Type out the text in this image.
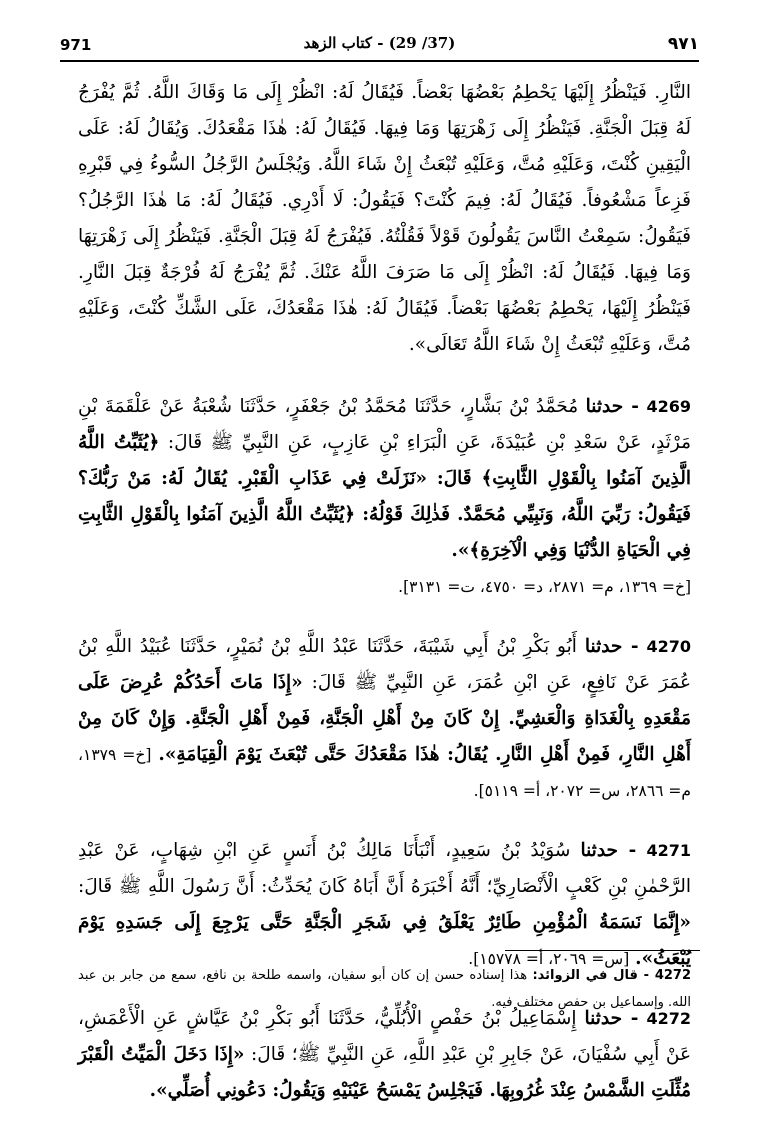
971	(37/ 29) - كتاب الزهد	٩٧١

النَّارِ. فَيَنْظُرُ إِلَيْهَا يَحْطِمُ بَعْضُهَا بَعْضاً. فَيُقَالُ لَهُ: انْظُرْ إِلَى مَا وَقَاكَ اللَّهُ. ثُمَّ يُفْرَجُ لَهُ قِبَلَ الْجَنَّةِ. فَيَنْظُرُ إِلَى زَهْرَتِهَا وَمَا فِيهَا. فَيُقَالُ لَهُ: هٰذَا مَقْعَدُكَ. وَيُقَالُ لَهُ: عَلَى الْيَقِينِ كُنْتَ، وَعَلَيْهِ مُتَّ، وَعَلَيْهِ تُبْعَثُ إِنْ شَاءَ اللَّهُ. وَيُجْلَسُ الرَّجُلُ السُّوءُ فِي قَبْرِهِ فَزِعاً مَشْعُوفاً. فَيُقَالُ لَهُ: فِيمَ كُنْتَ؟ فَيَقُولُ: لَا أَدْرِي. فَيُقَالُ لَهُ: مَا هٰذَا الرَّجُلُ؟ فَيَقُولُ: سَمِعْتُ النَّاسَ يَقُولُونَ قَوْلاً فَقُلْتُهُ. فَيُفْرَجُ لَهُ قِبَلَ الْجَنَّةِ. فَيَنْظُرُ إِلَى زَهْرَتِهَا وَمَا فِيهَا. فَيُقَالُ لَهُ: انْظُرْ إِلَى مَا صَرَفَ اللَّهُ عَنْكَ. ثُمَّ يُفْرَجُ لَهُ فُرْجَةٌ قِبَلَ النَّارِ. فَيَنْظُرُ إِلَيْهَا، يَحْطِمُ بَعْضُهَا بَعْضاً. فَيُقَالُ لَهُ: هٰذَا مَقْعَدُكَ، عَلَى الشَّكِّ كُنْتَ، وَعَلَيْهِ مُتَّ، وَعَلَيْهِ تُبْعَثُ إِنْ شَاءَ اللَّهُ تَعَالَى».

4269 - حدثنا مُحَمَّدُ بْنُ بَشَّارٍ، حَدَّثَنَا مُحَمَّدُ بْنُ جَعْفَرٍ، حَدَّثَنَا شُعْبَةُ عَنْ عَلْقَمَةَ بْنِ مَرْثَدٍ، عَنْ سَعْدِ بْنِ عُبَيْدَةَ، عَنِ الْبَرَاءِ بْنِ عَازِبٍ، عَنِ النَّبِيِّ ﷺ قَالَ: ﴿يُثَبِّتُ اللَّهُ الَّذِينَ آمَنُوا بِالْقَوْلِ الثَّابِتِ﴾ قَالَ: «نَزَلَتْ فِي عَذَابِ الْقَبْرِ. يُقَالُ لَهُ: مَنْ رَبُّكَ؟ فَيَقُولُ: رَبِّيَ اللَّهُ، وَنَبِيِّي مُحَمَّدٌ. فَذٰلِكَ قَوْلُهُ: ﴿يُثَبِّتُ اللَّهُ الَّذِينَ آمَنُوا بِالْقَوْلِ الثَّابِتِ فِي الْحَيَاةِ الدُّنْيَا وَفِي الْآخِرَةِ﴾».
[خ= ١٣٦٩، م= ٢٨٧١، د= ٤٧٥٠، ت= ٣١٣١].

4270 - حدثنا أَبُو بَكْرِ بْنُ أَبِي شَيْبَةَ، حَدَّثَنَا عَبْدُ اللَّهِ بْنُ نُمَيْرٍ، حَدَّثَنَا عُبَيْدُ اللَّهِ بْنُ عُمَرَ عَنْ نَافِعٍ، عَنِ ابْنِ عُمَرَ، عَنِ النَّبِيِّ ﷺ قَالَ: «إِذَا مَاتَ أَحَدُكُمْ عُرِضَ عَلَى مَقْعَدِهِ بِالْغَدَاةِ وَالْعَشِيِّ. إِنْ كَانَ مِنْ أَهْلِ الْجَنَّةِ، فَمِنْ أَهْلِ الْجَنَّةِ. وَإِنْ كَانَ مِنْ أَهْلِ النَّارِ، فَمِنْ أَهْلِ النَّارِ. يُقَالُ: هٰذَا مَقْعَدُكَ حَتَّى تُبْعَثَ يَوْمَ الْقِيَامَةِ». [خ= ١٣٧٩، م= ٢٨٦٦، س= ٢٠٧٢، أ= ٥١١٩].

4271 - حدثنا سُوَيْدُ بْنُ سَعِيدٍ، أَنْبَأَنَا مَالِكُ بْنُ أَنَسٍ عَنِ ابْنِ شِهَابٍ، عَنْ عَبْدِ الرَّحْمٰنِ بْنِ كَعْبٍ الْأَنْصَارِيِّ؛ أَنَّهُ أَخْبَرَهُ أَنَّ أَبَاهُ كَانَ يُحَدِّثُ: أَنَّ رَسُولَ اللَّهِ ﷺ قَالَ: «إِنَّمَا نَسَمَةُ الْمُؤْمِنِ طَائِرٌ يَعْلَقُ فِي شَجَرِ الْجَنَّةِ حَتَّى يَرْجِعَ إِلَى جَسَدِهِ يَوْمَ يُبْعَثُ». [س= ٢٠٦٩، أ= ١٥٧٧٨].

4272 - حدثنا إِسْمَاعِيلُ بْنُ حَفْصٍ الْأُبُلِّيُّ، حَدَّثَنَا أَبُو بَكْرِ بْنُ عَيَّاشٍ عَنِ الْأَعْمَشِ، عَنْ أَبِي سُفْيَانَ، عَنْ جَابِرِ بْنِ عَبْدِ اللَّهِ، عَنِ النَّبِيِّ ﷺ؛ قَالَ: «إِذَا دَخَلَ الْمَيِّتُ الْقَبْرَ مُثِّلَتِ الشَّمْسُ عِنْدَ غُرُوبِهَا. فَيَجْلِسُ يَمْسَحُ عَيْنَيْهِ وَيَقُولُ: دَعُونِي أُصَلِّي».

4272 - قال في الزوائد: هذا إسناده حسن إن كان أبو سفيان، واسمه طلحة بن نافع، سمع من جابر بن عبد الله. وإسماعيل بن حفص مختلف فيه.
